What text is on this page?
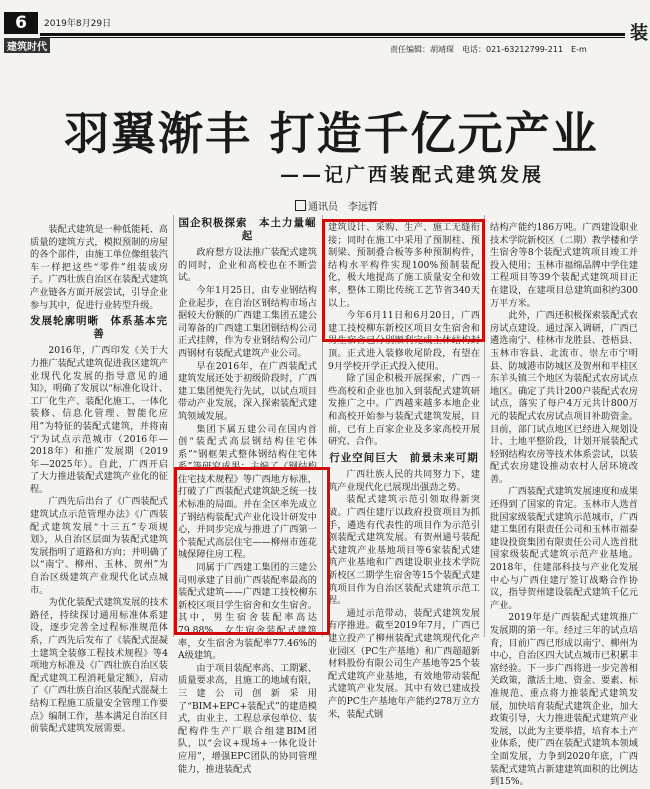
6	2019年8月29日
建筑时代
装
责任编辑：胡靖琛　电话：021-63212799-211　E-m
羽翼渐丰 打造千亿元产业
——记广西装配式建筑发展
通讯员　李远哲

装配式建筑是一种低能耗、高质量的建筑方式，模拟预制的房屋的各个部件，由施工单位像组装汽车一样把这些“零件”组装成房子。广西壮族自治区在装配式建筑产业链各方面开展尝试，引导企业参与其中，促进行业转型升级。

发展轮廓明晰　体系基本完善

2016年，广西印发《关于大力推广装配式建筑促进我区建筑产业现代化发展的指导意见的通知》，明确了发展以“标准化设计、工厂化生产、装配化施工、一体化装修、信息化管理、智能化应用”为特征的装配式建筑，并将南宁为试点示范城市（2016年—2018年）和推广发展期（2019年—2025年）。自此，广西开启了大力推进装配式建筑产业化的征程。

广西先后出台了《广西装配式建筑试点示范管理办法》《广西装配式建筑发展“十三五”专项规划》，从自治区层面为装配式建筑发展指明了道路和方向；并明确了以“南宁、柳州、玉林、贺州”为自治区级建筑产业现代化试点城市。

为优化装配式建筑发展的技术路径，持续探讨通用标准体系建设，逐步完善全过程标准规范体系，广西先后发布了《装配式混凝土建筑全装修工程技术规程》等4项地方标准及《广西壮族自治区装配式建筑工程消耗量定额》，启动了《广西壮族自治区装配式混凝土结构工程施工质量安全管理工作要点》编制工作，基本满足自治区目前装配式建筑发展需要。

国企积极探索　本土力量崛起

政府想方设法推广装配式建筑的同时，企业和高校也在不断尝试。

今年1月25日，由专业钢结构企业起步，在自治区钢结构市场占据较大份额的广西建工集团五建公司筹备的广西建工集团钢结构公司正式挂牌，作为专业钢结构公司广西钢材有装配式建筑产业公司。

早在2016年，在广西装配式建筑发展还处于初级阶段时，广西建工集团便先行先试，以试点项目带动产业发展，深入探索装配式建筑领域发展。

集团下属五建公司在国内首创“装配式高层钢结构住宅体系”“钢框架式整体钢结构住宅体系”等研究成果；主编了《钢结构住宅技术规程》等广西地方标准，打破了广西装配式建筑缺乏统一技术标准的局面。并在全区率先成立了钢结构装配式产业化设计研发中心，并同步完成与推进了广西第一个装配式高层住宅——柳州市莲花城保障住房工程。

同属于广西建工集团的三建公司则承建了目前广西装配率最高的装配式建筑——广西建工技校柳东新校区项目学生宿舍和女生宿舍。其中，男生宿舍装配率高达79.88%，女生宿舍装配式建筑率，女生宿舍为装配率77.46%的A级建筑。

由于项目装配率高、工期紧、质量要求高，且施工的地域有限，三建公司创新采用了“BIM+EPC+装配式”的建造模式，由业主、工程总承包单位、装配构件生产厂联合组建BIM团队，以“会议+现场+一体化设计应用”，增强EPC团队的协同管理能力，推进装配式

建筑设计、采购、生产、施工无缝衔接；同时在施工中采用了预制柱、预制梁、预制叠合板等多种预制构件，结构水平构件实现100%预制装配化，极大地提高了施工质量安全和效率，整体工期比传统工艺节省340天以上。

今年6月11日和6月20日，广西建工技校柳东新校区项目女生宿舍和男生宿舍已分别顺利完成主体结构封顶。正式进入装修收尾阶段，有望在9月学校开学正式投入使用。

除了国企积极开展探索，广西一些高校和企业也加入到装配式建筑研发推广之中。广西越来越多本地企业和高校开始参与装配式建筑发展，目前，已有上百家企业及多家高校开展研究、合作。

行业空间巨大　前景未来可期

广西壮族人民的共同努力下，建筑产业现代化已展现出强劲之势。

装配式建筑示范引领取得新突破。广西住建厅以政府投资项目为抓手，遴选有代表性的项目作为示范引领装配式建筑发展。有贺州通号装配式建筑产业基地项目等6家装配式建筑产业基地和广西建设职业技术学院新校区二期学生宿舍等15个装配式建筑项目作为自治区装配式建筑示范工程。

通过示范带动，装配式建筑发展有序推进。截至2019年7月，广西已建立投产了柳州装配式建筑现代化产业园区（PC生产基地）和广西超超新材料股份有限公司生产基地等25个装配式建筑产业基地，有效地带动装配式建筑产业发展。其中有效已建成投产的PC生产基地年产能约278万立方米，装配式钢

结构产能约186万吨。广西建设职业技术学院新校区（二期）教学楼和学生宿舍等8个装配式建筑项目竣工并投入使用；玉林市福绵品牌中学住建工程项目等39个装配式建筑项目正在建设，在建项目总建筑面积约300万平方米。

此外，广西还积极探索装配式农房试点建设。通过深入调研，广西已遴选南宁、桂林市龙胜县、苍梧县、玉林市容县、北流市、崇左市宁明县、防城港市防城区及贺州和平桂区东羊头镇三个地区为装配式农房试点地区。确定了共计200户装配式农房试点，落实了每户4万元共计800万元的装配式农房试点项目补助资金。目前，部门试点地区已经进入规划设计、土地平整阶段，计划开展装配式轻钢结构农房等技术体系尝试，以装配式农房建设推动农村人居环境改善。

广西装配式建筑发展速度和成果还得到了国家的肯定。玉林市人选首批国家级装配式建筑示范城市，广西建工集团有限责任公司和玉林市福泰建设投资集团有限责任公司人选首批国家级装配式建筑示范产业基地。2018年，住建部科技与产业化发展中心与广西住建厅签订战略合作协议，指导贺州建设装配式建筑千亿元产业。

2019年是广西装配式建筑推广发展期的第一年。经过三年的试点培育，目前广西已形成以南宁、柳州为中心，自治区四大试点城市已积累丰富经验。下一步广西将进一步完善相关政策，激活土地、资金、要素、标准规范、重点将力推装配式建筑发展，加快培育装配式建筑企业，加大政策引导，大力推进装配式建筑产业发展，以此为主要举措，培育本土产业体系，使广西在装配式建筑本领域全面发展，力争到2020年底，广西装配式建筑占新建建筑面积的比例达到15%。
